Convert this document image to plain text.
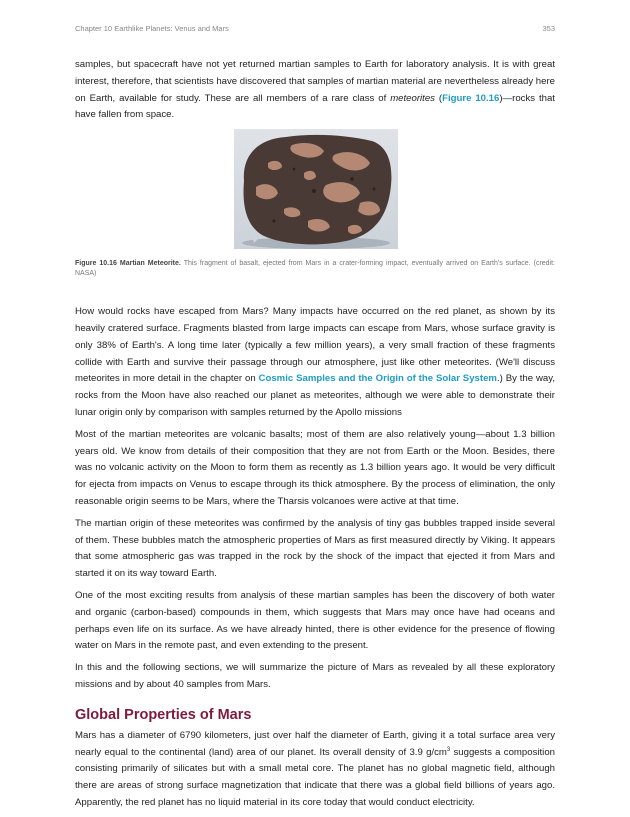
Chapter 10 Earthlike Planets: Venus and Mars	353

samples, but spacecraft have not yet returned martian samples to Earth for laboratory analysis. It is with great interest, therefore, that scientists have discovered that samples of martian material are nevertheless already here on Earth, available for study. These are all members of a rare class of meteorites (Figure 10.16)—rocks that have fallen from space.

Figure 10.16 Martian Meteorite. This fragment of basalt, ejected from Mars in a crater-forming impact, eventually arrived on Earth's surface. (credit: NASA)

How would rocks have escaped from Mars? Many impacts have occurred on the red planet, as shown by its heavily cratered surface. Fragments blasted from large impacts can escape from Mars, whose surface gravity is only 38% of Earth's. A long time later (typically a few million years), a very small fraction of these fragments collide with Earth and survive their passage through our atmosphere, just like other meteorites. (We'll discuss meteorites in more detail in the chapter on Cosmic Samples and the Origin of the Solar System.) By the way, rocks from the Moon have also reached our planet as meteorites, although we were able to demonstrate their lunar origin only by comparison with samples returned by the Apollo missions

Most of the martian meteorites are volcanic basalts; most of them are also relatively young—about 1.3 billion years old. We know from details of their composition that they are not from Earth or the Moon. Besides, there was no volcanic activity on the Moon to form them as recently as 1.3 billion years ago. It would be very difficult for ejecta from impacts on Venus to escape through its thick atmosphere. By the process of elimination, the only reasonable origin seems to be Mars, where the Tharsis volcanoes were active at that time.

The martian origin of these meteorites was confirmed by the analysis of tiny gas bubbles trapped inside several of them. These bubbles match the atmospheric properties of Mars as first measured directly by Viking. It appears that some atmospheric gas was trapped in the rock by the shock of the impact that ejected it from Mars and started it on its way toward Earth.

One of the most exciting results from analysis of these martian samples has been the discovery of both water and organic (carbon-based) compounds in them, which suggests that Mars may once have had oceans and perhaps even life on its surface. As we have already hinted, there is other evidence for the presence of flowing water on Mars in the remote past, and even extending to the present.

In this and the following sections, we will summarize the picture of Mars as revealed by all these exploratory missions and by about 40 samples from Mars.

Global Properties of Mars

Mars has a diameter of 6790 kilometers, just over half the diameter of Earth, giving it a total surface area very nearly equal to the continental (land) area of our planet. Its overall density of 3.9 $g/cm^3$ suggests a composition consisting primarily of silicates but with a small metal core. The planet has no global magnetic field, although there are areas of strong surface magnetization that indicate that there was a global field billions of years ago. Apparently, the red planet has no liquid material in its core today that would conduct electricity.
